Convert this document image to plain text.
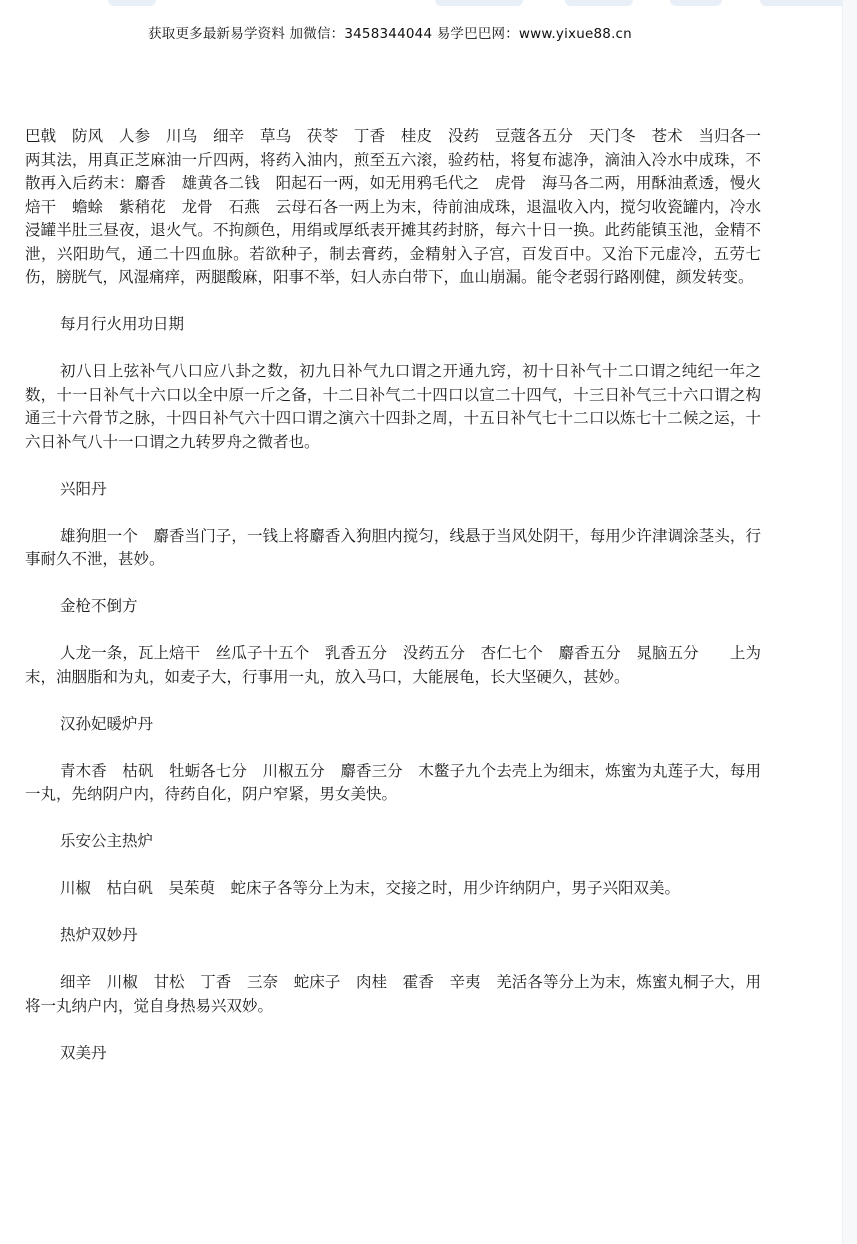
获取更多最新易学资料 加微信：3458344044 易学巴巴网：www.yixue88.cn

巴戟　防风　人参　川乌　细辛　草乌　茯苓　丁香　桂皮　没药　豆蔻各五分　天门冬　苍术　当归各一两其法，用真正芝麻油一斤四两，将药入油内，煎至五六滚，验药枯，将复布滤净，滴油入冷水中成珠，不散再入后药末：麝香　雄黄各二钱　阳起石一两，如无用鸦毛代之　虎骨　海马各二两，用酥油煮透，慢火焙干　蟾蜍　紫稍花　龙骨　石燕　云母石各一两上为末，待前油成珠，退温收入内，搅匀收瓷罐内，冷水浸罐半肚三昼夜，退火气。不拘颜色，用绢或厚纸表开摊其药封脐，每六十日一换。此药能镇玉池，金精不泄，兴阳助气，通二十四血脉。若欲种子，制去膏药，金精射入子宫，百发百中。又治下元虚冷，五劳七伤，膀胱气，风湿痛痒，两腿酸麻，阳事不举，妇人赤白带下，血山崩漏。能令老弱行路刚健，颜发转变。

每月行火用功日期

初八日上弦补气八口应八卦之数，初九日补气九口谓之开通九窍，初十日补气十二口谓之纯纪一年之数，十一日补气十六口以全中原一斤之备，十二日补气二十四口以宣二十四气，十三日补气三十六口谓之构通三十六骨节之脉，十四日补气六十四口谓之演六十四卦之周，十五日补气七十二口以炼七十二候之运，十六日补气八十一口谓之九转罗舟之微者也。

兴阳丹

雄狗胆一个　麝香当门子，一钱上将麝香入狗胆内搅匀，线悬于当风处阴干，每用少许津调涂茎头，行事耐久不泄，甚妙。

金枪不倒方

人龙一条，瓦上焙干　丝瓜子十五个　乳香五分　没药五分　杏仁七个　麝香五分　晁脑五分　　上为末，油胭脂和为丸，如麦子大，行事用一丸，放入马口，大能展龟，长大坚硬久，甚妙。

汉孙妃暖炉丹

青木香　枯矾　牡蛎各七分　川椒五分　麝香三分　木鳖子九个去壳上为细末，炼蜜为丸莲子大，每用一丸，先纳阴户内，待药自化，阴户窄紧，男女美快。

乐安公主热炉

川椒　枯白矾　吴茱萸　蛇床子各等分上为末，交接之时，用少许纳阴户，男子兴阳双美。

热炉双妙丹

细辛　川椒　甘松　丁香　三奈　蛇床子　肉桂　霍香　辛夷　羌活各等分上为末，炼蜜丸桐子大，用将一丸纳户内，觉自身热易兴双妙。

双美丹
